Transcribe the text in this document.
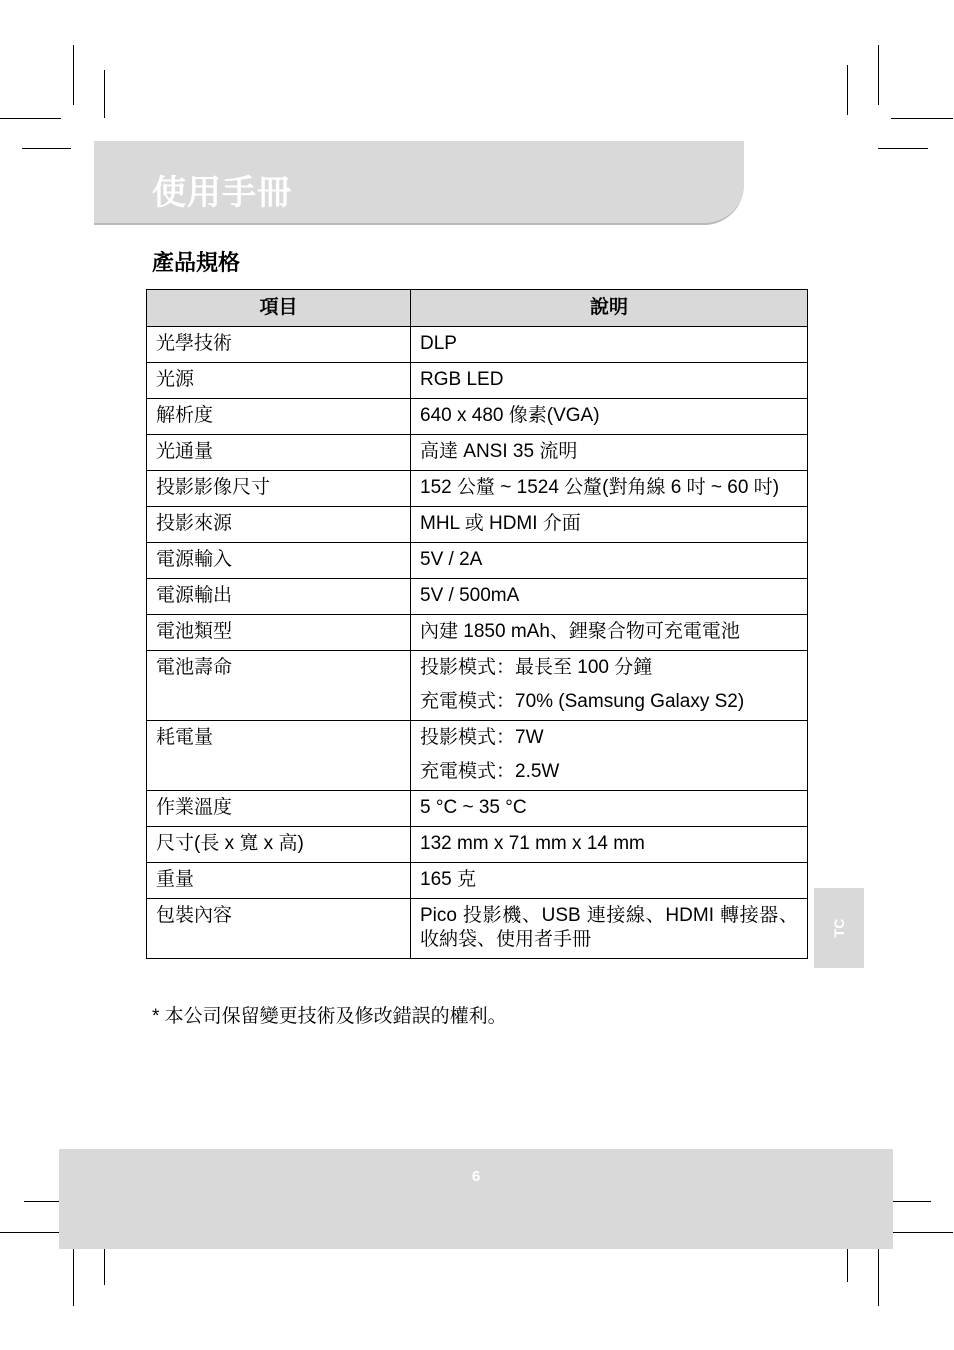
使用手冊
產品規格
項目	說明
光學技術	DLP

光源	RGB LED

解析度	640 x 480 像素(VGA)

光通量	高達 ANSI 35 流明

投影影像尺寸	152 公釐 ~ 1524 公釐(對角線 6 吋 ~ 60 吋)

投影來源	MHL 或 HDMI 介面

電源輸入	5V / 2A

電源輸出	5V / 500mA

電池類型	內建 1850 mAh、鋰聚合物可充電電池

電池壽命	投影模式：最長至 100 分鐘

充電模式：70% (Samsung Galaxy S2)

耗電量	投影模式：7W

充電模式：2.5W

作業溫度	5 °C ~ 35 °C

尺寸(長 x 寬 x 高)	132 mm x 71 mm x 14 mm

重量	165 克

包裝內容	Pico 投影機、USB 連接線、HDMI 轉接器、收納袋、使用者手冊

* 本公司保留變更技術及修改錯誤的權利。
TC
6
